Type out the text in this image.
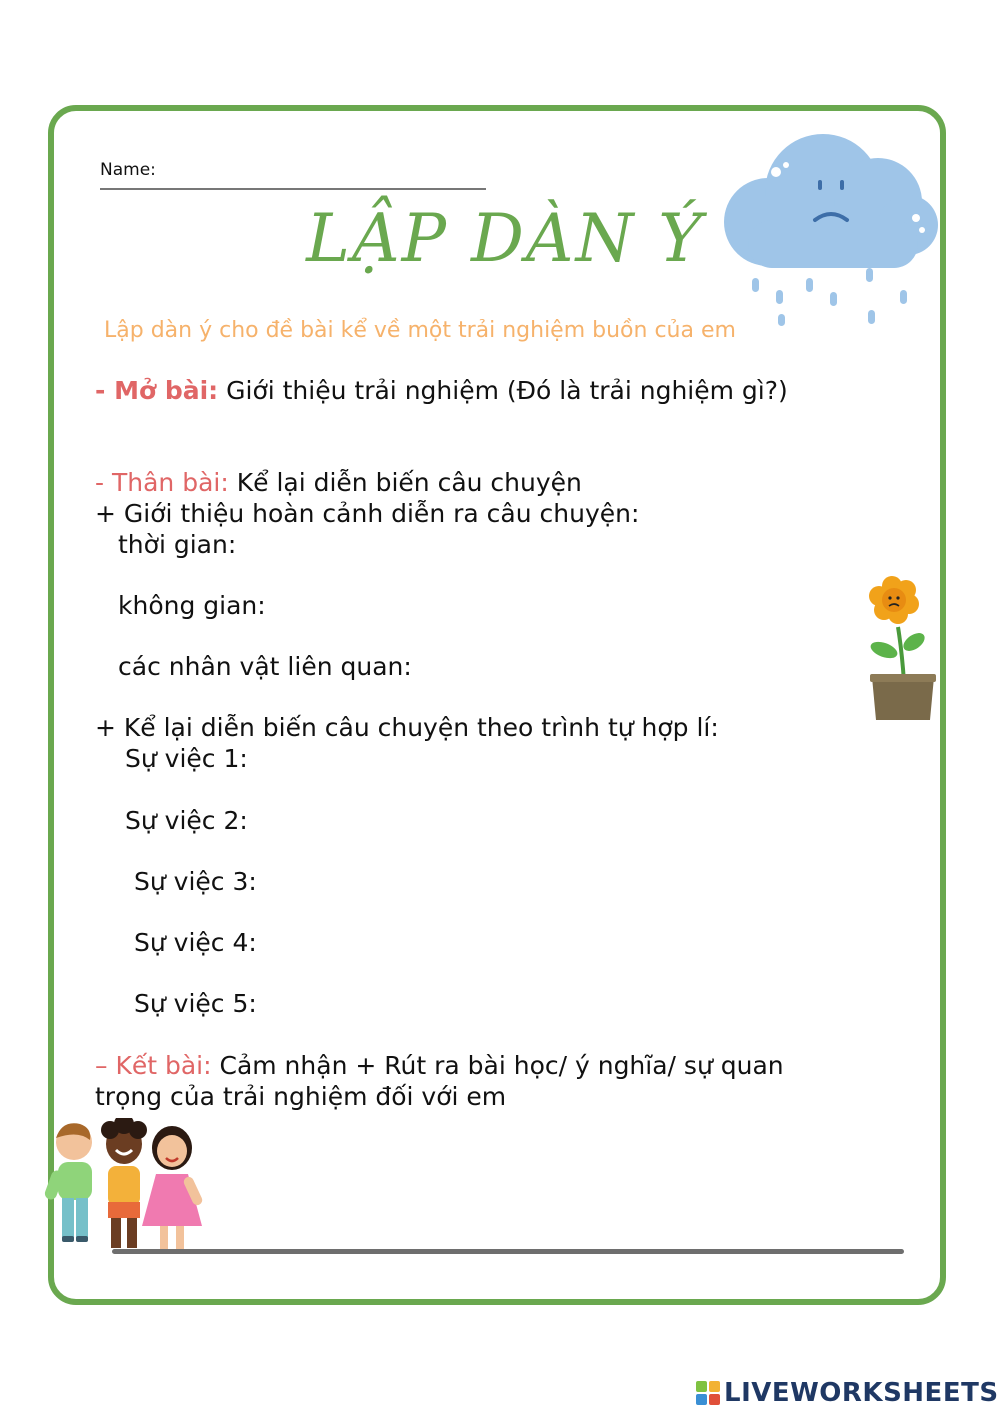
Name:
LẬP DÀN Ý
Lập dàn ý cho đề bài kể về một trải nghiệm buồn của em
- Mở bài: Giới thiệu trải nghiệm (Đó là trải nghiệm gì?)
- Thân bài: Kể lại diễn biến câu chuyện
+ Giới thiệu hoàn cảnh diễn ra câu chuyện:
thời gian:
không gian:
các nhân vật liên quan:
+ Kể lại diễn biến câu chuyện theo trình tự hợp lí:
Sự việc 1:
Sự việc 2:
Sự việc 3:
Sự việc 4:
Sự việc 5:
– Kết bài: Cảm nhận + Rút ra bài học/ ý nghĩa/ sự quan
trọng của trải nghiệm đối với em
LIVEWORKSHEETS
